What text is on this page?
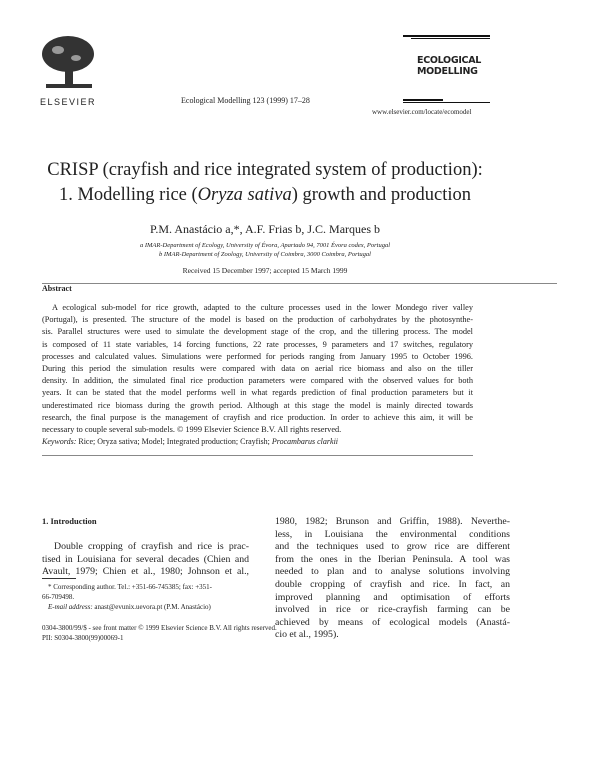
ELSEVIER	Ecological Modelling 123 (1999) 17–28
ECOLOGICAL
MODELLING
www.elsevier.com/locate/ecomodel
CRISP (crayfish and rice integrated system of production):
1. Modelling rice (Oryza sativa) growth and production
P.M. Anastácio a,*, A.F. Frias b, J.C. Marques b
a IMAR-Department of Ecology, University of Évora, Apartado 94, 7001 Évora codex, Portugal
b IMAR-Department of Zoology, University of Coimbra, 3000 Coimbra, Portugal
Received 15 December 1997; accepted 15 March 1999
Abstract
A ecological sub-model for rice growth, adapted to the culture processes used in the lower Mondego river valley
(Portugal), is presented. The structure of the model is based on the production of carbohydrates by the photosynthe-
sis. Parallel structures were used to simulate the development stage of the crop, and the tillering process. The model
is composed of 11 state variables, 14 forcing functions, 22 rate processes, 9 parameters and 17 switches, regulatory
processes and calculated values. Simulations were performed for periods ranging from January 1995 to October 1996.
During this period the simulation results were compared with data on aerial rice biomass and also on the tiller
density. In addition, the simulated final rice production parameters were compared with the observed values for both
years. It can be stated that the model performs well in what regards prediction of final production parameters but it
underestimated rice biomass during the growth period. Although at this stage the model is mainly directed towards
research, the final purpose is the management of crayfish and rice production. In order to achieve this aim, it will be
necessary to couple several sub-models. © 1999 Elsevier Science B.V. All rights reserved.
Keywords: Rice; Oryza sativa; Model; Integrated production; Crayfish; Procambarus clarkii
1. Introduction
Double cropping of crayfish and rice is prac-
tised in Louisiana for several decades (Chien and
Avault, 1979; Chien et al., 1980; Johnson et al.,
1980, 1982; Brunson and Griffin, 1988). Neverthe-
less, in Louisiana the environmental conditions
and the techniques used to grow rice are different
from the ones in the Iberian Peninsula. A tool was
needed to plan and to analyse solutions involving
double cropping of crayfish and rice. In fact, an
improved planning and optimisation of efforts
involved in rice or rice-crayfish farming can be
achieved by means of ecological models (Anastá-
cio et al., 1995).
* Corresponding author. Tel.: +351-66-745385; fax: +351-
66-709498.
E-mail address: anast@evunix.uevora.pt (P.M. Anastácio)
0304-3800/99/$ - see front matter © 1999 Elsevier Science B.V. All rights reserved.
PII: S0304-3800(99)00069-1
